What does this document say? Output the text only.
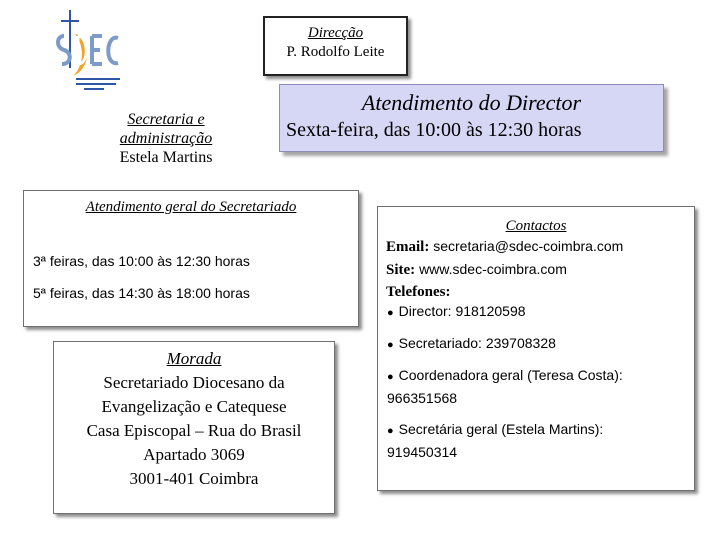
Direcção
P. Rodolfo Leite
Secretaria e
administração
Estela Martins
Atendimento do Director
Sexta-feira, das 10:00 às 12:30 horas
Atendimento geral do Secretariado
3ª feiras, das 10:00 às 12:30 horas
5ª feiras, das 14:30 às 18:00 horas
Morada
Secretariado Diocesano da
Evangelização e Catequese
Casa Episcopal – Rua do Brasil
Apartado 3069
3001-401 Coimbra
Contactos
Email: secretaria@sdec-coimbra.com
Site: www.sdec-coimbra.com
Telefones:
● Director: 918120598
● Secretariado: 239708328
● Coordenadora geral (Teresa Costa):
966351568
● Secretária geral (Estela Martins):
919450314
